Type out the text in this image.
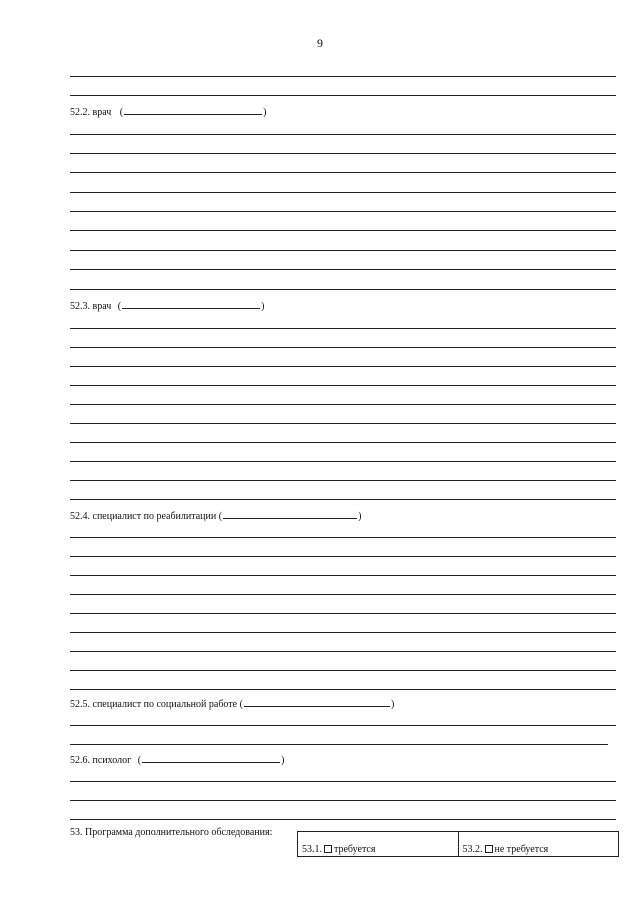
9
52.2. врач (	)
52.3. врач (	)
52.4. специалист по реабилитации (	)
52.5. специалист по социальной работе (	)
52.6. психолог (	)
53. Программа дополнительного обследования:
53.1. требуется	53.2. не требуется
